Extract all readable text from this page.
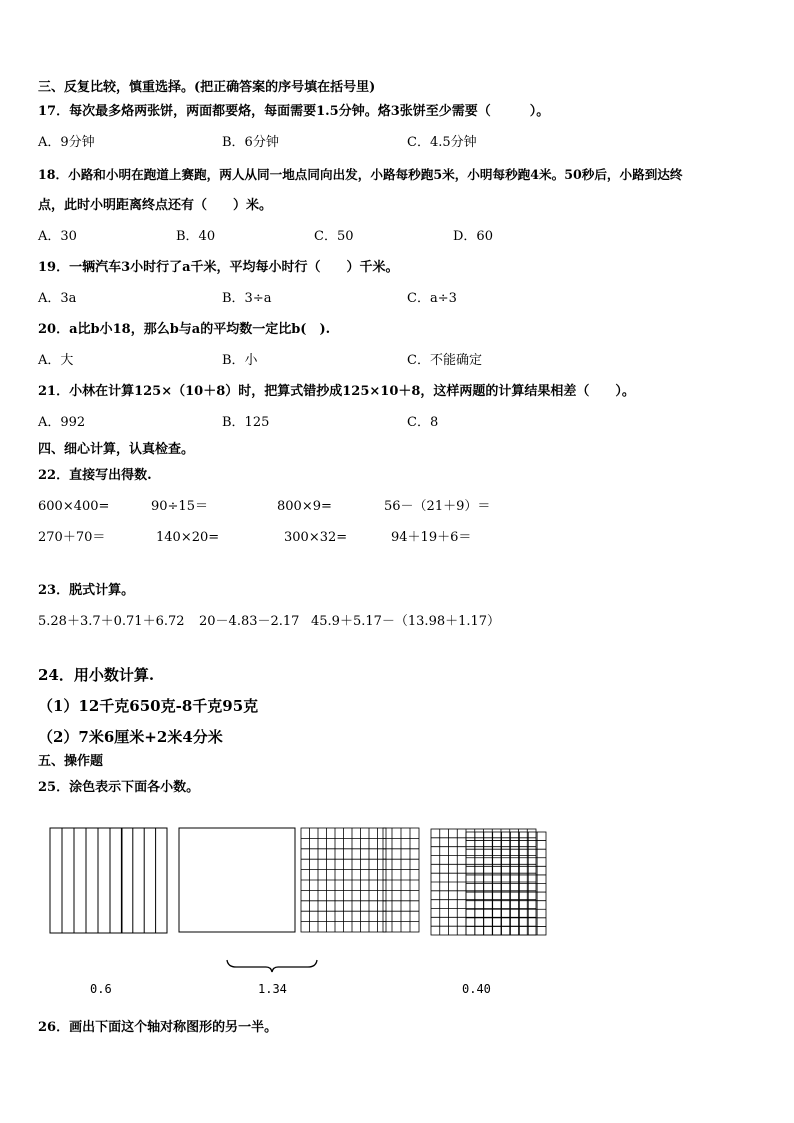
三、反复比较，慎重选择。(把正确答案的序号填在括号里)
17．每次最多烙两张饼，两面都要烙，每面需要1.5分钟。烙3张饼至少需要（　　　）。
A．9分钟	B．6分钟	C．4.5分钟
18．小路和小明在跑道上赛跑，两人从同一地点同向出发，小路每秒跑5米，小明每秒跑4米。50秒后，小路到达终
点，此时小明距离终点还有（　　）米。
A．30	B．40	C．50	D．60
19．一辆汽车3小时行了a千米，平均每小时行（　　）千米。
A．3a	B．3÷a	C．a÷3
20．a比b小18，那么b与a的平均数一定比b(　).
A．大	B．小	C．不能确定
21．小林在计算125×（10＋8）时，把算式错抄成125×10＋8，这样两题的计算结果相差（　　）。
A．992	B．125	C．8
四、细心计算，认真检查。
22．直接写出得数.
600×400=	90÷15＝	800×9=	56－（21＋9）＝
270＋70＝	140×20=	300×32=	94＋19＋6＝
23．脱式计算。
5.28＋3.7＋0.71＋6.72 20－4.83－2.17 45.9＋5.17－（13.98＋1.17）
24．用小数计算.
（1）12千克650克-8千克95克
（2）7米6厘米+2米4分米
五、操作题
25．涂色表示下面各小数。
0.6	1.34	0.40
26．画出下面这个轴对称图形的另一半。
